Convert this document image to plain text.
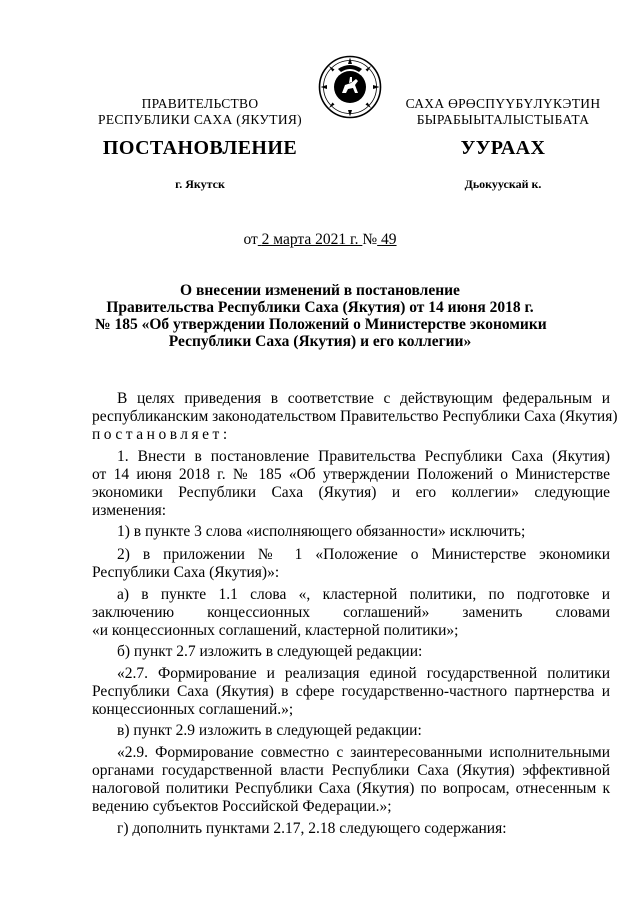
ПРАВИТЕЛЬСТВО
РЕСПУБЛИКИ САХА (ЯКУТИЯ)
САХА ӨРӨСПҮҮБҮЛҮКЭТИН
БЫРАБЫЫТАЛЫСТЫБАТА
ПОСТАНОВЛЕНИЕ	УУРААХ
г. Якутск	Дьокуускай к.
от 2 марта 2021 г. № 49
О внесении изменений в постановление
Правительства Республики Саха (Якутия) от 14 июня 2018 г.
№ 185 «Об утверждении Положений о Министерстве экономики
Республики Саха (Якутия) и его коллегии»
В целях приведения в соответствие с действующим федеральным и
республиканским законодательством Правительство Республики Саха (Якутия)
постановляет:
1. Внести в постановление Правительства Республики Саха (Якутия)
от 14 июня 2018 г. № 185 «Об утверждении Положений о Министерстве
экономики Республики Саха (Якутия) и его коллегии» следующие
изменения:
1) в пункте 3 слова «исполняющего обязанности» исключить;
2) в приложении № 1 «Положение о Министерстве экономики
Республики Саха (Якутия)»:
а) в пункте 1.1 слова «, кластерной политики, по подготовке и
заключению концессионных соглашений» заменить словами
«и концессионных соглашений, кластерной политики»;
б) пункт 2.7 изложить в следующей редакции:
«2.7. Формирование и реализация единой государственной политики
Республики Саха (Якутия) в сфере государственно-частного партнерства и
концессионных соглашений.»;
в) пункт 2.9 изложить в следующей редакции:
«2.9. Формирование совместно с заинтересованными исполнительными
органами государственной власти Республики Саха (Якутия) эффективной
налоговой политики Республики Саха (Якутия) по вопросам, отнесенным к
ведению субъектов Российской Федерации.»;
г) дополнить пунктами 2.17, 2.18 следующего содержания:
